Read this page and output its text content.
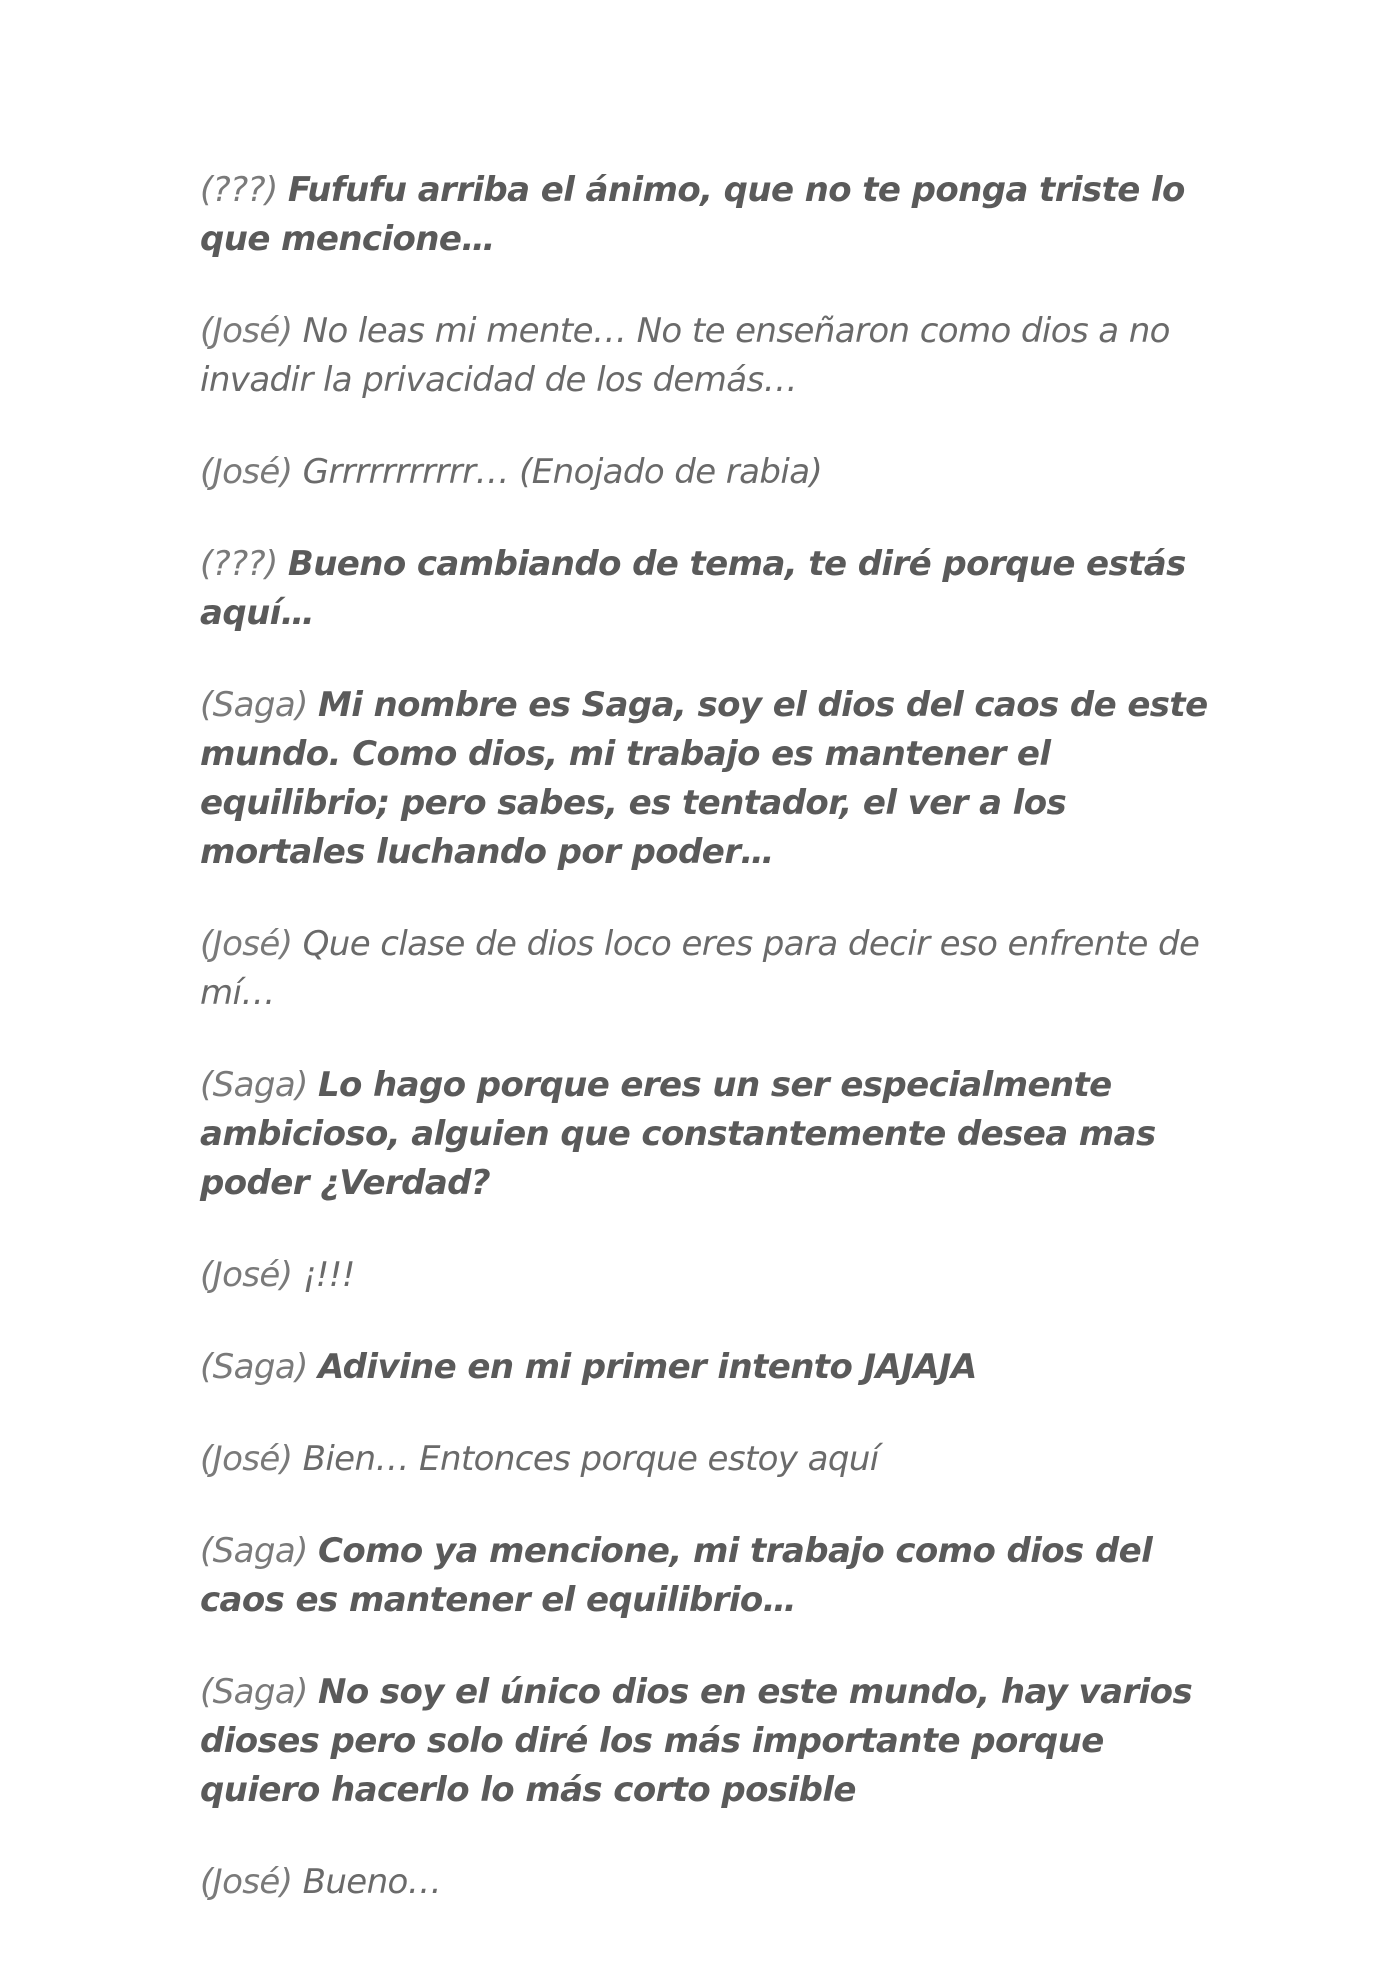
(???) Fufufu arriba el ánimo, que no te ponga triste lo que mencione…

(José) No leas mi mente… No te enseñaron como dios a no invadir la privacidad de los demás…

(José) Grrrrrrrrrrr… (Enojado de rabia)

(???) Bueno cambiando de tema, te diré porque estás aquí…

(Saga) Mi nombre es Saga, soy el dios del caos de este mundo. Como dios, mi trabajo es mantener el equilibrio; pero sabes, es tentador, el ver a los mortales luchando por poder…

(José) Que clase de dios loco eres para decir eso enfrente de mí…

(Saga) Lo hago porque eres un ser especialmente ambicioso, alguien que constantemente desea mas poder ¿Verdad?

(José) ¡!!!

(Saga) Adivine en mi primer intento JAJAJA

(José) Bien… Entonces porque estoy aquí

(Saga) Como ya mencione, mi trabajo como dios del caos es mantener el equilibrio…

(Saga) No soy el único dios en este mundo, hay varios dioses pero solo diré los más importante porque quiero hacerlo lo más corto posible

(José) Bueno…
